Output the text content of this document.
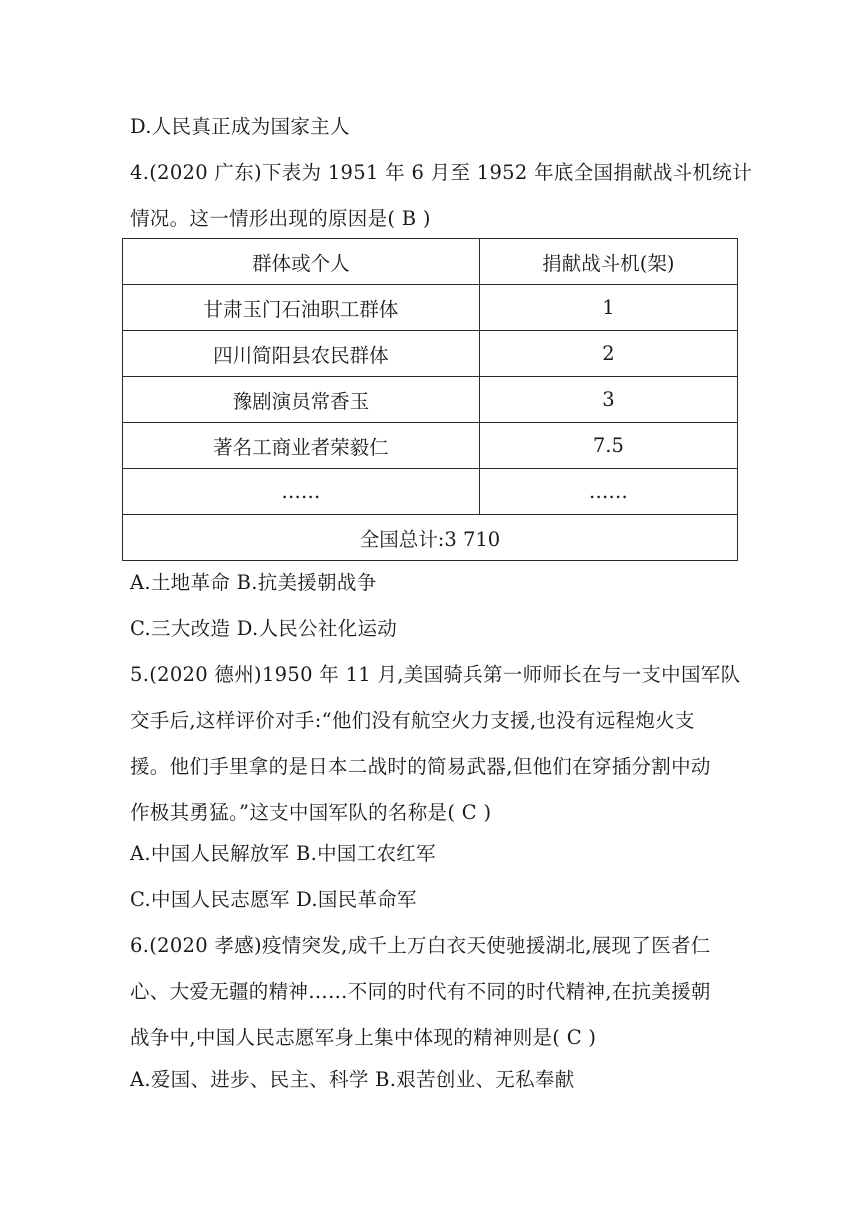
D.人民真正成为国家主人
4.(2020 广东)下表为 1951 年 6 月至 1952 年底全国捐献战斗机统计
情况。这一情形出现的原因是( B )
群体或个人	捐献战斗机(架)
甘肃玉门石油职工群体	1
四川简阳县农民群体	2
豫剧演员常香玉	3
著名工商业者荣毅仁	7.5
……	……
全国总计:3 710	
A.土地革命 B.抗美援朝战争
C.三大改造 D.人民公社化运动
5.(2020 德州)1950 年 11 月,美国骑兵第一师师长在与一支中国军队
交手后,这样评价对手:“他们没有航空火力支援,也没有远程炮火支
援。他们手里拿的是日本二战时的简易武器,但他们在穿插分割中动
作极其勇猛。”这支中国军队的名称是( C )
A.中国人民解放军 B.中国工农红军
C.中国人民志愿军 D.国民革命军
6.(2020 孝感)疫情突发,成千上万白衣天使驰援湖北,展现了医者仁
心、大爱无疆的精神……不同的时代有不同的时代精神,在抗美援朝
战争中,中国人民志愿军身上集中体现的精神则是( C )
A.爱国、进步、民主、科学 B.艰苦创业、无私奉献
